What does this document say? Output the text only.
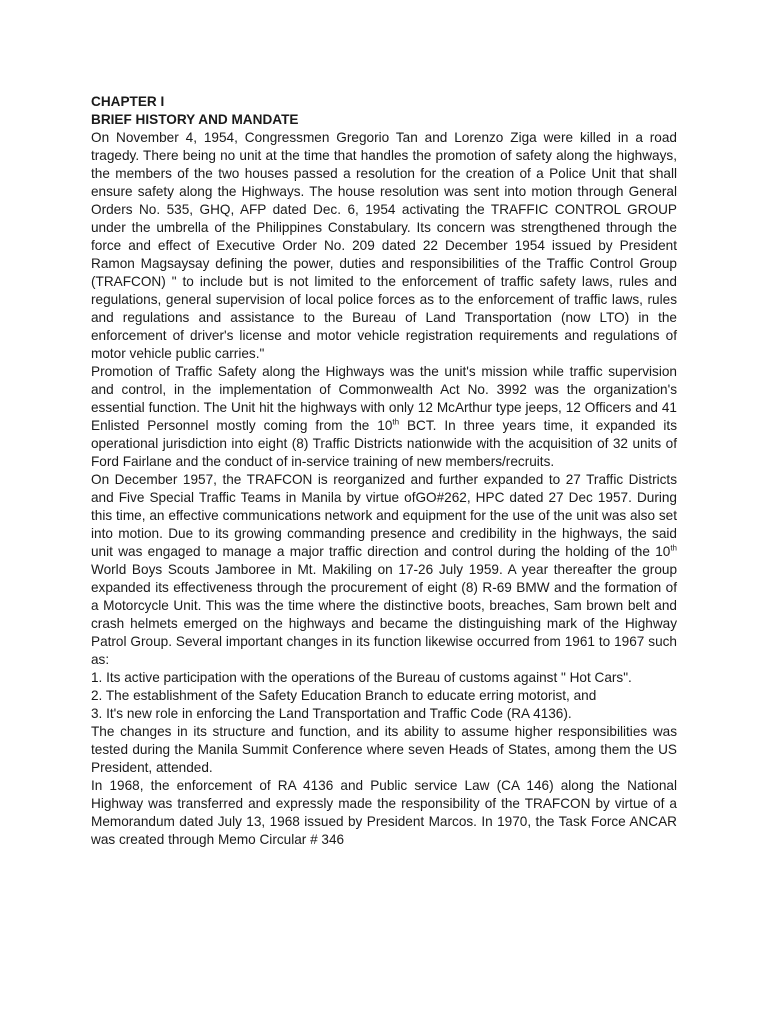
CHAPTER I
BRIEF HISTORY AND MANDATE
On November 4, 1954, Congressmen Gregorio Tan and Lorenzo Ziga were killed in a road tragedy. There being no unit at the time that handles the promotion of safety along the highways, the members of the two houses passed a resolution for the creation of a Police Unit that shall ensure safety along the Highways. The house resolution was sent into motion through General Orders No. 535, GHQ, AFP dated Dec. 6, 1954 activating the TRAFFIC CONTROL GROUP under the umbrella of the Philippines Constabulary. Its concern was strengthened through the force and effect of Executive Order No. 209 dated 22 December 1954 issued by President Ramon Magsaysay defining the power, duties and responsibilities of the Traffic Control Group (TRAFCON) " to include but is not limited to the enforcement of traffic safety laws, rules and regulations, general supervision of local police forces as to the enforcement of traffic laws, rules and regulations and assistance to the Bureau of Land Transportation (now LTO) in the enforcement of driver's license and motor vehicle registration requirements and regulations of motor vehicle public carries."
Promotion of Traffic Safety along the Highways was the unit's mission while traffic supervision and control, in the implementation of Commonwealth Act No. 3992 was the organization's essential function. The Unit hit the highways with only 12 McArthur type jeeps, 12 Officers and 41 Enlisted Personnel mostly coming from the 10th BCT. In three years time, it expanded its operational jurisdiction into eight (8) Traffic Districts nationwide with the acquisition of 32 units of Ford Fairlane and the conduct of in-service training of new members/recruits.
On December 1957, the TRAFCON is reorganized and further expanded to 27 Traffic Districts and Five Special Traffic Teams in Manila by virtue ofGO#262, HPC dated 27 Dec 1957. During this time, an effective communications network and equipment for the use of the unit was also set into motion. Due to its growing commanding presence and credibility in the highways, the said unit was engaged to manage a major traffic direction and control during the holding of the 10th World Boys Scouts Jamboree in Mt. Makiling on 17-26 July 1959. A year thereafter the group expanded its effectiveness through the procurement of eight (8) R-69 BMW and the formation of a Motorcycle Unit. This was the time where the distinctive boots, breaches, Sam brown belt and crash helmets emerged on the highways and became the distinguishing mark of the Highway Patrol Group. Several important changes in its function likewise occurred from 1961 to 1967 such as:
1. Its active participation with the operations of the Bureau of customs against " Hot Cars".
2. The establishment of the Safety Education Branch to educate erring motorist, and
3. It's new role in enforcing the Land Transportation and Traffic Code (RA 4136).
The changes in its structure and function, and its ability to assume higher responsibilities was tested during the Manila Summit Conference where seven Heads of States, among them the US President, attended.
In 1968, the enforcement of RA 4136 and Public service Law (CA 146) along the National Highway was transferred and expressly made the responsibility of the TRAFCON by virtue of a Memorandum dated July 13, 1968 issued by President Marcos. In 1970, the Task Force ANCAR was created through Memo Circular # 346
